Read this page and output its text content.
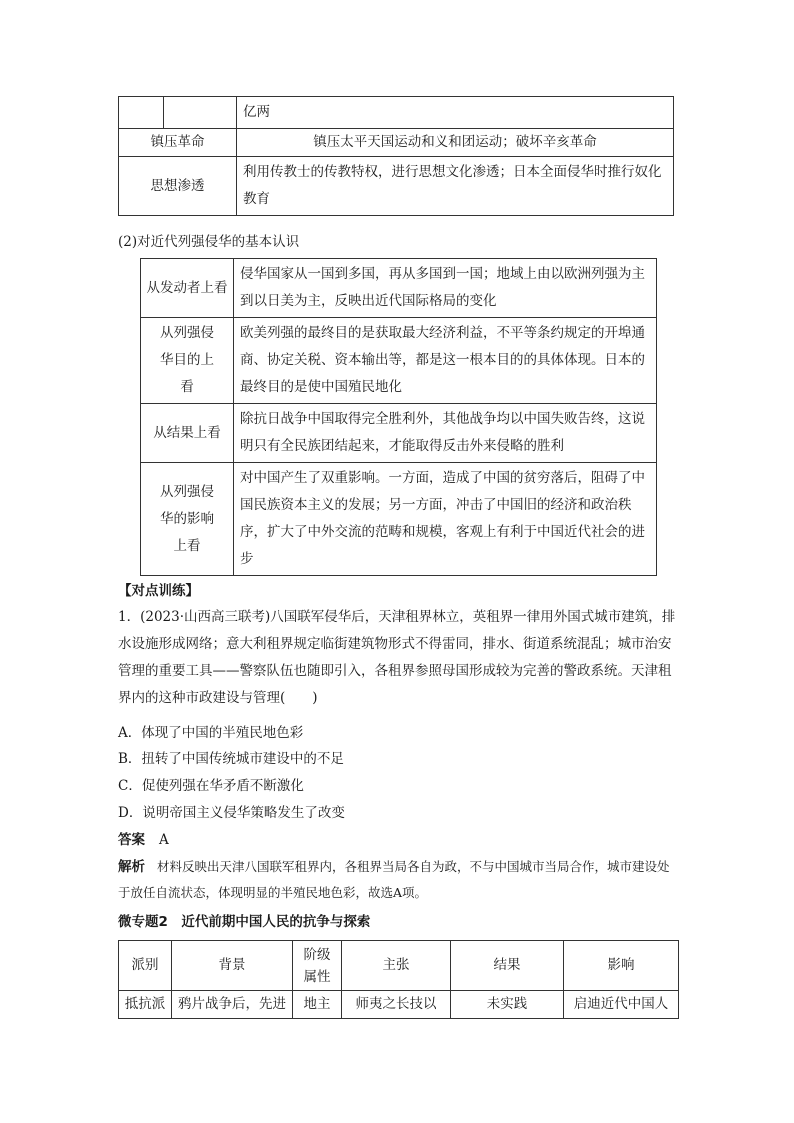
		亿两
镇压革命		镇压太平天国运动和义和团运动；破坏辛亥革命
思想渗透		利用传教士的传教特权，进行思想文化渗透；日本全面侵华时推行奴化教育
(2)对近代列强侵华的基本认识
从发动者上看	侵华国家从一国到多国，再从多国到一国；地域上由以欧洲列强为主到以日美为主，反映出近代国际格局的变化
从列强侵华目的上看	欧美列强的最终目的是获取最大经济利益，不平等条约规定的开埠通商、协定关税、资本输出等，都是这一根本目的的具体体现。日本的最终目的是使中国殖民地化
从结果上看	除抗日战争中国取得完全胜利外，其他战争均以中国失败告终，这说明只有全民族团结起来，才能取得反击外来侵略的胜利
从列强侵华的影响上看	对中国产生了双重影响。一方面，造成了中国的贫穷落后，阻碍了中国民族资本主义的发展；另一方面，冲击了中国旧的经济和政治秩序，扩大了中外交流的范畴和规模，客观上有利于中国近代社会的进步
【对点训练】
1．(2023·山西高三联考)八国联军侵华后，天津租界林立，英租界一律用外国式城市建筑，排水设施形成网络；意大利租界规定临街建筑物形式不得雷同，排水、街道系统混乱；城市治安管理的重要工具——警察队伍也随即引入，各租界参照母国形成较为完善的警政系统。天津租界内的这种市政建设与管理(　　)
A．体现了中国的半殖民地色彩
B．扭转了中国传统城市建设中的不足
C．促使列强在华矛盾不断激化
D．说明帝国主义侵华策略发生了改变
答案 A
解析 材料反映出天津八国联军租界内，各租界当局各自为政，不与中国城市当局合作，城市建设处于放任自流状态，体现明显的半殖民地色彩，故选A项。
微专题2　近代前期中国人民的抗争与探索
派别	背景	阶级属性	主张	结果	影响
抵抗派	鸦片战争后，先进	地主	师夷之长技以	未实践	启迪近代中国人
